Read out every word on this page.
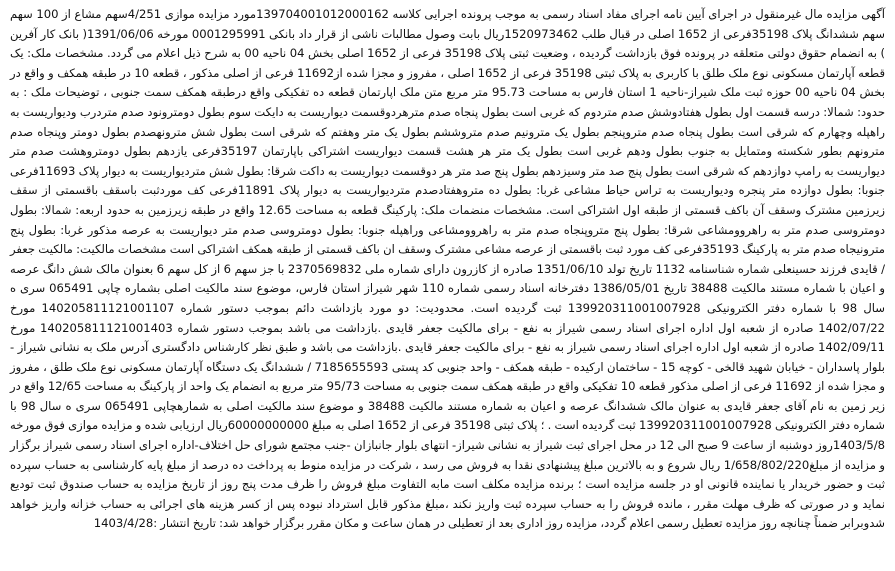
آگهی مزایده مال غیرمنقول در اجرای آیین نامه اجرای مفاد اسناد رسمی به موجب پرونده اجرایی کلاسه 139704001012000162مورد مزایده موازی 4/251سهم مشاع از 100 سهم سهم ششدانگ پلاک 35198فرعی از 1652 اصلی در قبال طلب 1520973462ریال بابت وصول مطالبات ناشی از قرار داد بانکی 0001295991 مورخه 1391/06/06( بانک کار آفرین ) به انضمام حقوق دولتی متعلقه در پرونده فوق بازداشت گردیده ، وضعیت ثبتی پلاک 35198 فرعی از 1652 اصلی بخش 04 ناحیه 00 به شرح ذیل اعلام می گردد. مشخصات ملک: یک قطعه آپارتمان مسکونی نوع ملک طلق با کاربری به پلاک ثبتی 35198 فرعی از 1652 اصلی ، مفروز و مجزا شده از11692 فرعی از اصلی مذکور ، قطعه 10 در طبقه همکف و واقع در بخش 04 ناحیه 00 حوزه ثبت ملک شیراز-ناحیه 1 استان فارس به مساحت 95.73 متر مربع متن ملک اپارتمان قطعه ده تفکیکی واقع درطبقه همکف سمت جنوبی ، توضیحات ملک : به حدود: شمالا: درسه قسمت اول بطول هفتادوشش صدم متردوم که غربی است بطول پنجاه صدم مترهردوقسمت دیواریست به دایکت سوم بطول دومترونود صدم متردرب ودیواریست به راهپله وچهارم که شرقی است بطول پنجاه صدم متروپنجم بطول یک مترونیم صدم متروششم بطول یک متر وهفتم که شرقی است بطول شش مترونهصدم بطول دومتر وپنجاه صدم مترونهم بطور شکسته ومتمایل به جنوب بطول ودهم غربی است بطول یک متر هر هشت قسمت دیواریست اشتراکی باپارتمان 35197فرعی یازدهم بطول دومتروهشت صدم متر دیواریست به رامپ دوازدهم که شرقی است بطول پنج صد متر وسیزدهم بطول پنج صد متر هر دوقسمت دیواریست به داکت شرقا: بطول شش متردیواریست به دیوار پلاک 11693فرعی جنوبا: بطول دوازده متر پنجره ودیواریست به تراس حیاط مشاعی غربا: بطول ده متروهفتادصدم متردیواریست به دیوار پلاک 11891فرعی کف موردثبت باسقف باقسمتی از سقف زیرزمین مشترک وسقف آن باکف قسمتی از طبقه اول اشتراکی است. مشخصات منضمات ملک: پارکینگ قطعه به مساحت 12.65 واقع در طبقه زیرزمین به حدود اربعه: شمالا: بطول دومتروسی صدم متر به راهروومشاعی شرقا: بطول پنج متروپنجاه صدم متر به راهروومشاعی وراهپله جنوبا: بطول دومتروسی صدم متر دیواریست به عرصه مذکور غربا: بطول پنج مترونیجاه صدم متر به پارکینگ 35193فرعی کف مورد ثبت باقسمتی از عرصه مشاعی مشترک وسقف ان باکف قسمتی از طبقه همکف اشتراکی است مشخصات مالکیت: مالکیت جعفر / قایدی فرزند حسینعلی شماره شناسنامه 1132 تاریخ تولد 1351/06/10 صادره از کازرون دارای شماره ملی 2370569832 با جز سهم 6 از کل سهم 6 بعنوان مالک شش دانگ عرصه و اعیان با شماره مستند مالکیت 38488 تاریخ 1386/05/01 دفترخانه اسناد رسمی شماره 110 شهر شیراز استان فارس، موضوع سند مالکیت اصلی بشماره چاپی 065491 سری ه سال 98 با شماره دفتر الکترونیکی 139920311001007928 ثبت گردیده است. محدودیت: دو مورد بازداشت دائم بموجب دستور شماره 140205811121001107 مورخ 1402/07/22 صادره از شعبه اول اداره اجرای اسناد رسمی شیراز به نفع - برای مالکیت جعفر قایدی .بازداشت می باشد بموجب دستور شماره 140205811121001403 مورخ 1402/09/11 صادره از شعبه اول اداره اجرای اسناد رسمی شیراز به نفع - برای مالکیت جعفر قایدی .بازداشت می باشد و طبق نظر کارشناس دادگستری آدرس ملک به نشانی شیراز - بلوار پاسداران - خیابان شهید قالخی - کوچه 15 - ساختمان ارکیده - طبقه همکف - واحد جنوبی کد پستی 7185655593 / ششدانگ یک دستگاه آپارتمان مسکونی نوع ملک طلق ، مفروز و مجزا شده از 11692 فرعی از اصلی مذکور قطعه 10 تفکیکی واقع در طبقه همکف سمت جنوبی به مساحت 95/73 متر مربع به انضمام یک واحد از پارکینگ به مساحت 12/65 واقع در زیر زمین به نام آقای جعفر قایدی به عنوان مالک ششدانگ عرصه و اعیان به شماره مستند مالکیت 38488 و موضوع سند مالکیت اصلی به شمارهچاپی 065491 سری ه سال 98 با شماره دفتر الکترونیکی 139920311001007928 ثبت گردیده است . ؛ پلاک ثبتی 35198 فرعی از 1652 اصلی به مبلغ 60000000000ریال ارزیابی شده و مزایده موازی فوق مورخه 1403/5/8روز دوشنبه از ساعت 9 صبح الی 12 در محل اجرای ثبت شیراز به نشانی شیراز- انتهای بلوار جانبازان -جنب مجتمع شورای حل اختلاف-اداره اجرای اسناد رسمی شیراز برگزار و مزایده از مبلغ1/658/802/220 ریال شروع و به بالاترین مبلغ پیشنهادی نقدا به فروش می رسد ، شرکت در مزایده منوط به پرداخت ده درصد از مبلغ پایه کارشناسی به حساب سپرده ثبت و حضور خریدار یا نماینده قانونی او در جلسه مزایده است ؛ برنده مزایده مکلف است مابه التفاوت مبلغ فروش را ظرف مدت پنج روز از تاریخ مزایده به حساب صندوق ثبت تودیع نماید و در صورتی که ظرف مهلت مقرر ، مانده فروش را به حساب سپرده ثبت واریز نکند ،مبلغ مذکور قابل استرداد نبوده پس از کسر هزینه های اجرائی به حساب خزانه واریز خواهد شدوبرابر ضمناً چنانچه روز مزایده تعطیل رسمی اعلام گردد، مزایده روز اداری بعد از تعطیلی در همان ساعت و مکان مقرر برگزار خواهد شد: تاریخ انتشار :1403/4/28
